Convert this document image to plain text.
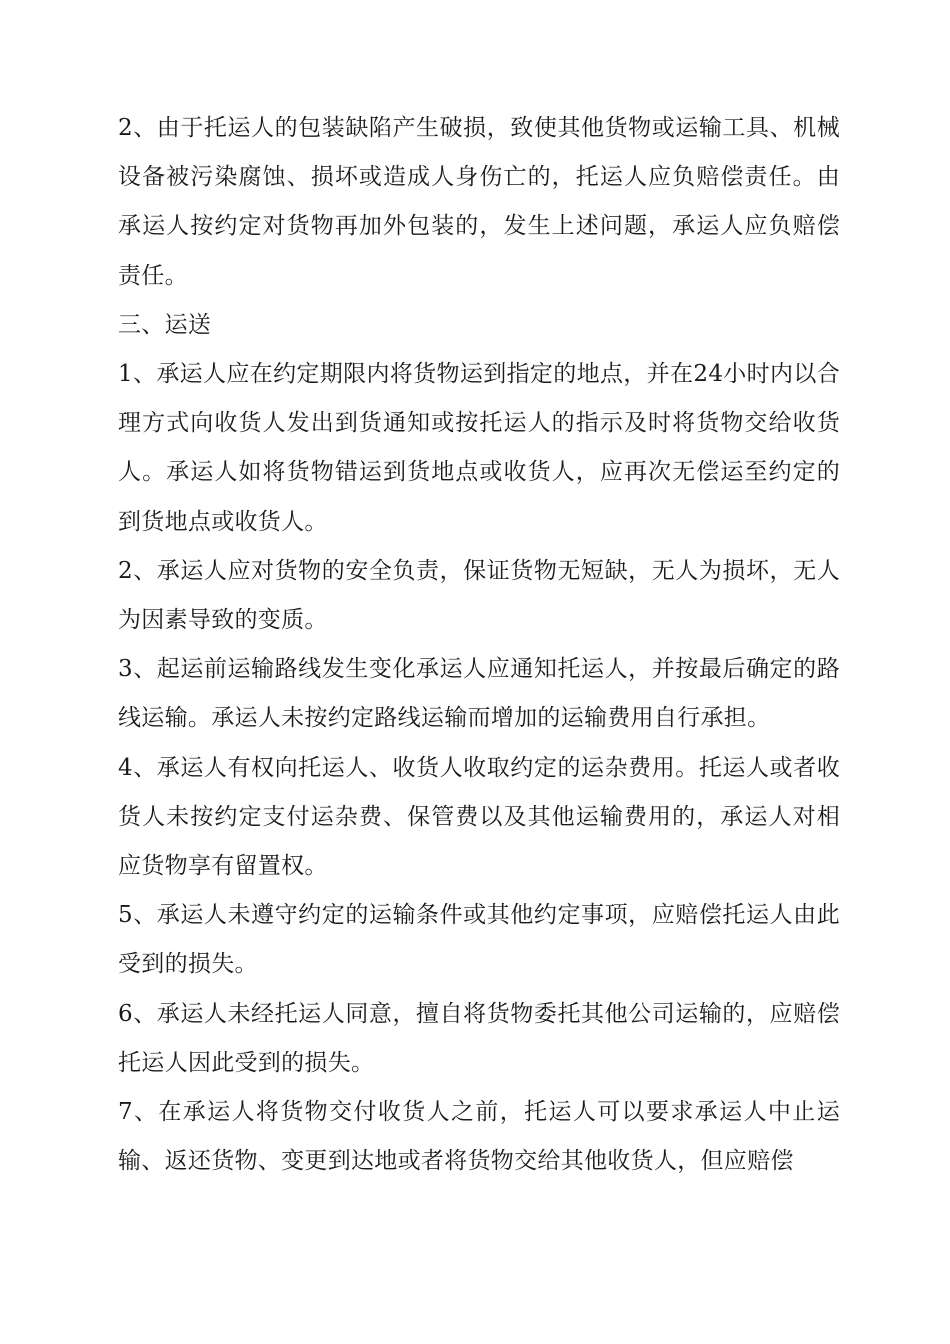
2、由于托运人的包装缺陷产生破损，致使其他货物或运输工具、机械设备被污染腐蚀、损坏或造成人身伤亡的，托运人应负赔偿责任。由承运人按约定对货物再加外包装的，发生上述问题，承运人应负赔偿责任。

三、运送

1、承运人应在约定期限内将货物运到指定的地点，并在24小时内以合理方式向收货人发出到货通知或按托运人的指示及时将货物交给收货人。承运人如将货物错运到货地点或收货人，应再次无偿运至约定的到货地点或收货人。

2、承运人应对货物的安全负责，保证货物无短缺，无人为损坏，无人为因素导致的变质。

3、起运前运输路线发生变化承运人应通知托运人，并按最后确定的路线运输。承运人未按约定路线运输而增加的运输费用自行承担。

4、承运人有权向托运人、收货人收取约定的运杂费用。托运人或者收货人未按约定支付运杂费、保管费以及其他运输费用的，承运人对相应货物享有留置权。

5、承运人未遵守约定的运输条件或其他约定事项，应赔偿托运人由此受到的损失。

6、承运人未经托运人同意，擅自将货物委托其他公司运输的，应赔偿托运人因此受到的损失。

7、在承运人将货物交付收货人之前，托运人可以要求承运人中止运输、返还货物、变更到达地或者将货物交给其他收货人，但应赔偿
